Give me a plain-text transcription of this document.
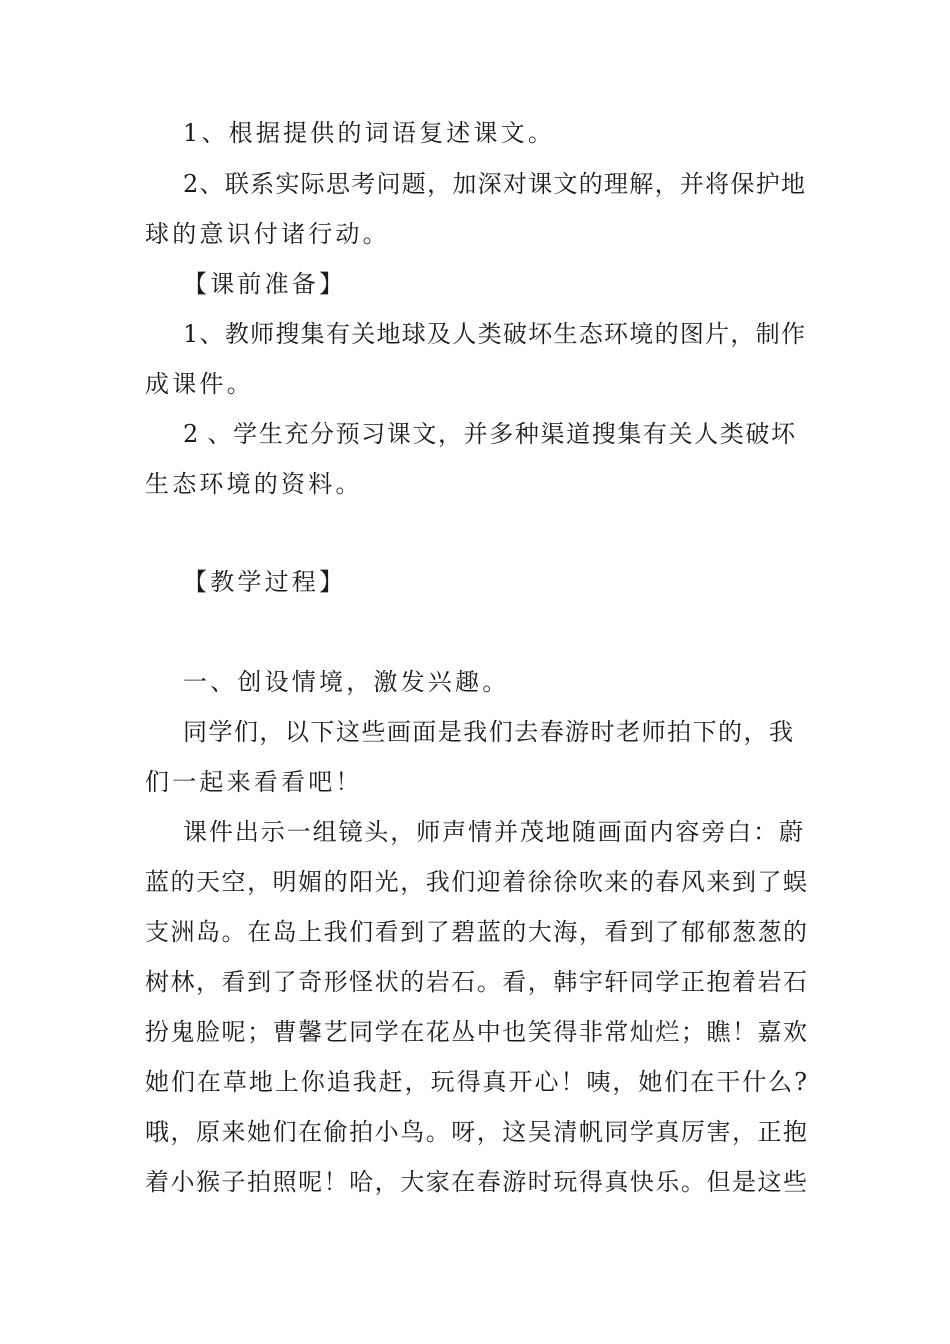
1、根据提供的词语复述课文。
2、联系实际思考问题，加深对课文的理解，并将保护地
球的意识付诸行动。
【课前准备】
1、教师搜集有关地球及人类破坏生态环境的图片，制作
成课件。
2 、学生充分预习课文，并多种渠道搜集有关人类破坏
生态环境的资料。
【教学过程】
一、创设情境，激发兴趣。
同学们，以下这些画面是我们去春游时老师拍下的，我
们一起来看看吧！
课件出示一组镜头，师声情并茂地随画面内容旁白：蔚
蓝的天空，明媚的阳光，我们迎着徐徐吹来的春风来到了蜈
支洲岛。在岛上我们看到了碧蓝的大海，看到了郁郁葱葱的
树林，看到了奇形怪状的岩石。看，韩宇轩同学正抱着岩石
扮鬼脸呢；曹馨艺同学在花丛中也笑得非常灿烂；瞧！嘉欢
她们在草地上你追我赶，玩得真开心！咦，她们在干什么?
哦，原来她们在偷拍小鸟。呀，这吴清帆同学真厉害，正抱
着小猴子拍照呢！哈，大家在春游时玩得真快乐。但是这些
